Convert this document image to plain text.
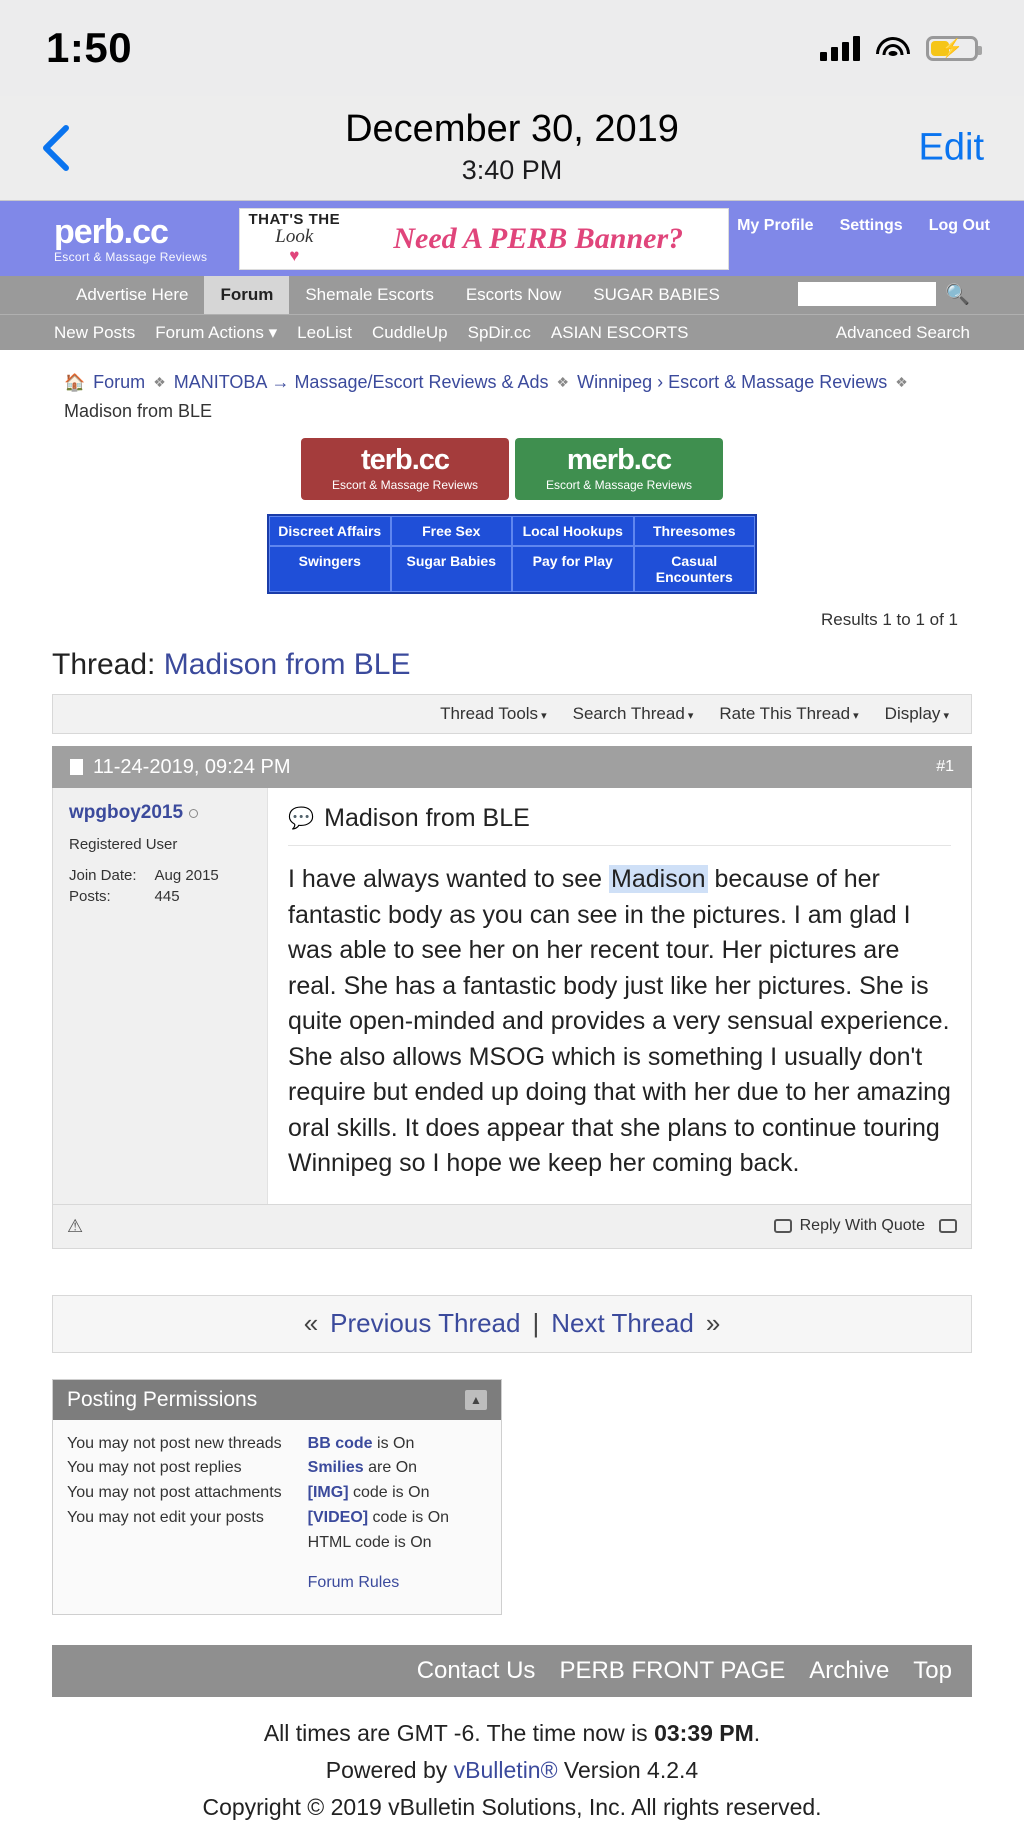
1:50	⚡
December 30, 2019
3:40 PM
Edit
perb.cc
Escort & Massage Reviews
THAT'S THE
Look
♥
Need A PERB Banner?	My Profile Settings Log Out
Advertise Here	Forum	Shemale Escorts	Escorts Now	SUGAR BABIES	🔍
New Posts Forum Actions ▾ LeoList CuddleUp SpDir.cc ASIAN ESCORTS	Advanced Search
🏠 Forum ❖ MANITOBA → Massage/Escort Reviews & Ads ❖ Winnipeg › Escort & Massage Reviews ❖
Madison from BLE
terb.cc
Escort & Massage Reviews
merb.cc
Escort & Massage Reviews
Discreet Affairs	Free Sex	Local Hookups	Threesomes
Swingers	Sugar Babies	Pay for Play	Casual Encounters
Results 1 to 1 of 1
Thread: Madison from BLE
Thread Tools ▾ Search Thread ▾ Rate This Thread ▾ Display ▾
11-24-2019, 09:24 PM	#1
wpgboy2015
Registered User
Join Date:	Aug 2015
Posts:	445
💬 Madison from BLE
I have always wanted to see Madison because of her fantastic body as you can see in the pictures. I am glad I was able to see her on her recent tour. Her pictures are real. She has a fantastic body just like her pictures. She is quite open-minded and provides a very sensual experience. She also allows MSOG which is something I usually don't require but ended up doing that with her due to her amazing oral skills. It does appear that she plans to continue touring Winnipeg so I hope we keep her coming back.
⚠	Reply With Quote
« Previous Thread | Next Thread »
Posting Permissions	▲
You may not post new threads
You may not post replies
You may not post attachments
You may not edit your posts
BB code is On
Smilies are On
[IMG] code is On
[VIDEO] code is On
HTML code is On
Forum Rules
Contact Us PERB FRONT PAGE Archive Top
All times are GMT -6. The time now is 03:39 PM.
Powered by vBulletin® Version 4.2.4
Copyright © 2019 vBulletin Solutions, Inc. All rights reserved.
